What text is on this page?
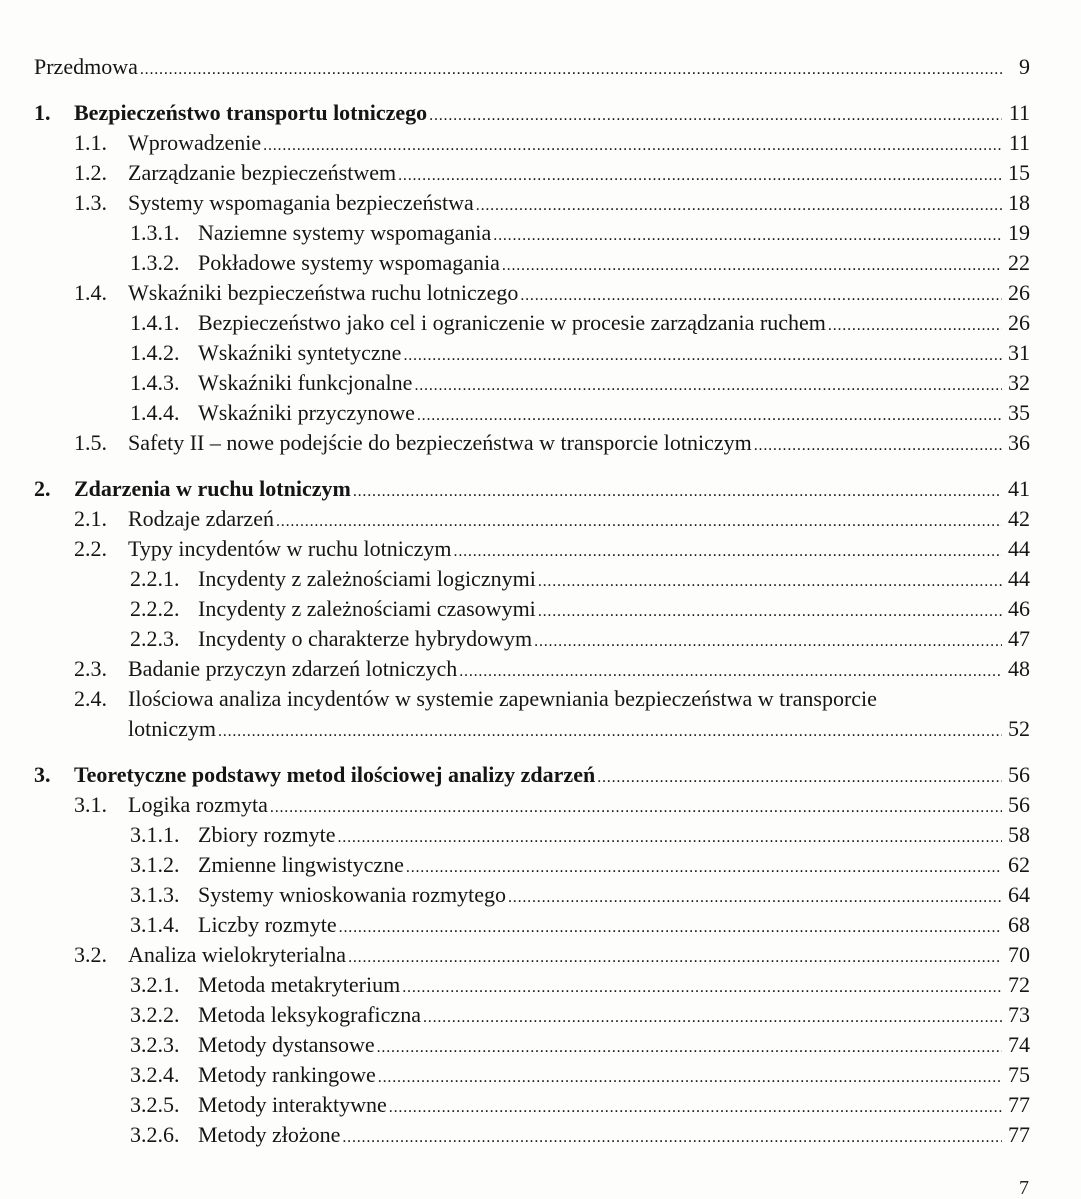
Przedmowa . . .	9
1. Bezpieczeństwo transportu lotniczego . . .	11
1.1. Wprowadzenie . . .	11
1.2. Zarządzanie bezpieczeństwem . . .	15
1.3. Systemy wspomagania bezpieczeństwa . . .	18
1.3.1. Naziemne systemy wspomagania . . .	19
1.3.2. Pokładowe systemy wspomagania . . .	22
1.4. Wskaźniki bezpieczeństwa ruchu lotniczego . . .	26
1.4.1. Bezpieczeństwo jako cel i ograniczenie w procesie zarządzania ruchem . . .	26
1.4.2. Wskaźniki syntetyczne . . .	31
1.4.3. Wskaźniki funkcjonalne . . .	32
1.4.4. Wskaźniki przyczynowe . . .	35
1.5. Safety II – nowe podejście do bezpieczeństwa w transporcie lotniczym . . .	36
2. Zdarzenia w ruchu lotniczym . . .	41
2.1. Rodzaje zdarzeń . . .	42
2.2. Typy incydentów w ruchu lotniczym . . .	44
2.2.1. Incydenty z zależnościami logicznymi . . .	44
2.2.2. Incydenty z zależnościami czasowymi . . .	46
2.2.3. Incydenty o charakterze hybrydowym . . .	47
2.3. Badanie przyczyn zdarzeń lotniczych . . .	48
2.4. Ilościowa analiza incydentów w systemie zapewniania bezpieczeństwa w transporcie
lotniczym . . .	52
3. Teoretyczne podstawy metod ilościowej analizy zdarzeń . . .	56
3.1. Logika rozmyta . . .	56
3.1.1. Zbiory rozmyte . . .	58
3.1.2. Zmienne lingwistyczne . . .	62
3.1.3. Systemy wnioskowania rozmytego . . .	64
3.1.4. Liczby rozmyte . . .	68
3.2. Analiza wielokryterialna . . .	70
3.2.1. Metoda metakryterium . . .	72
3.2.2. Metoda leksykograficzna . . .	73
3.2.3. Metody dystansowe . . .	74
3.2.4. Metody rankingowe . . .	75
3.2.5. Metody interaktywne . . .	77
3.2.6. Metody złożone . . .	77
7
